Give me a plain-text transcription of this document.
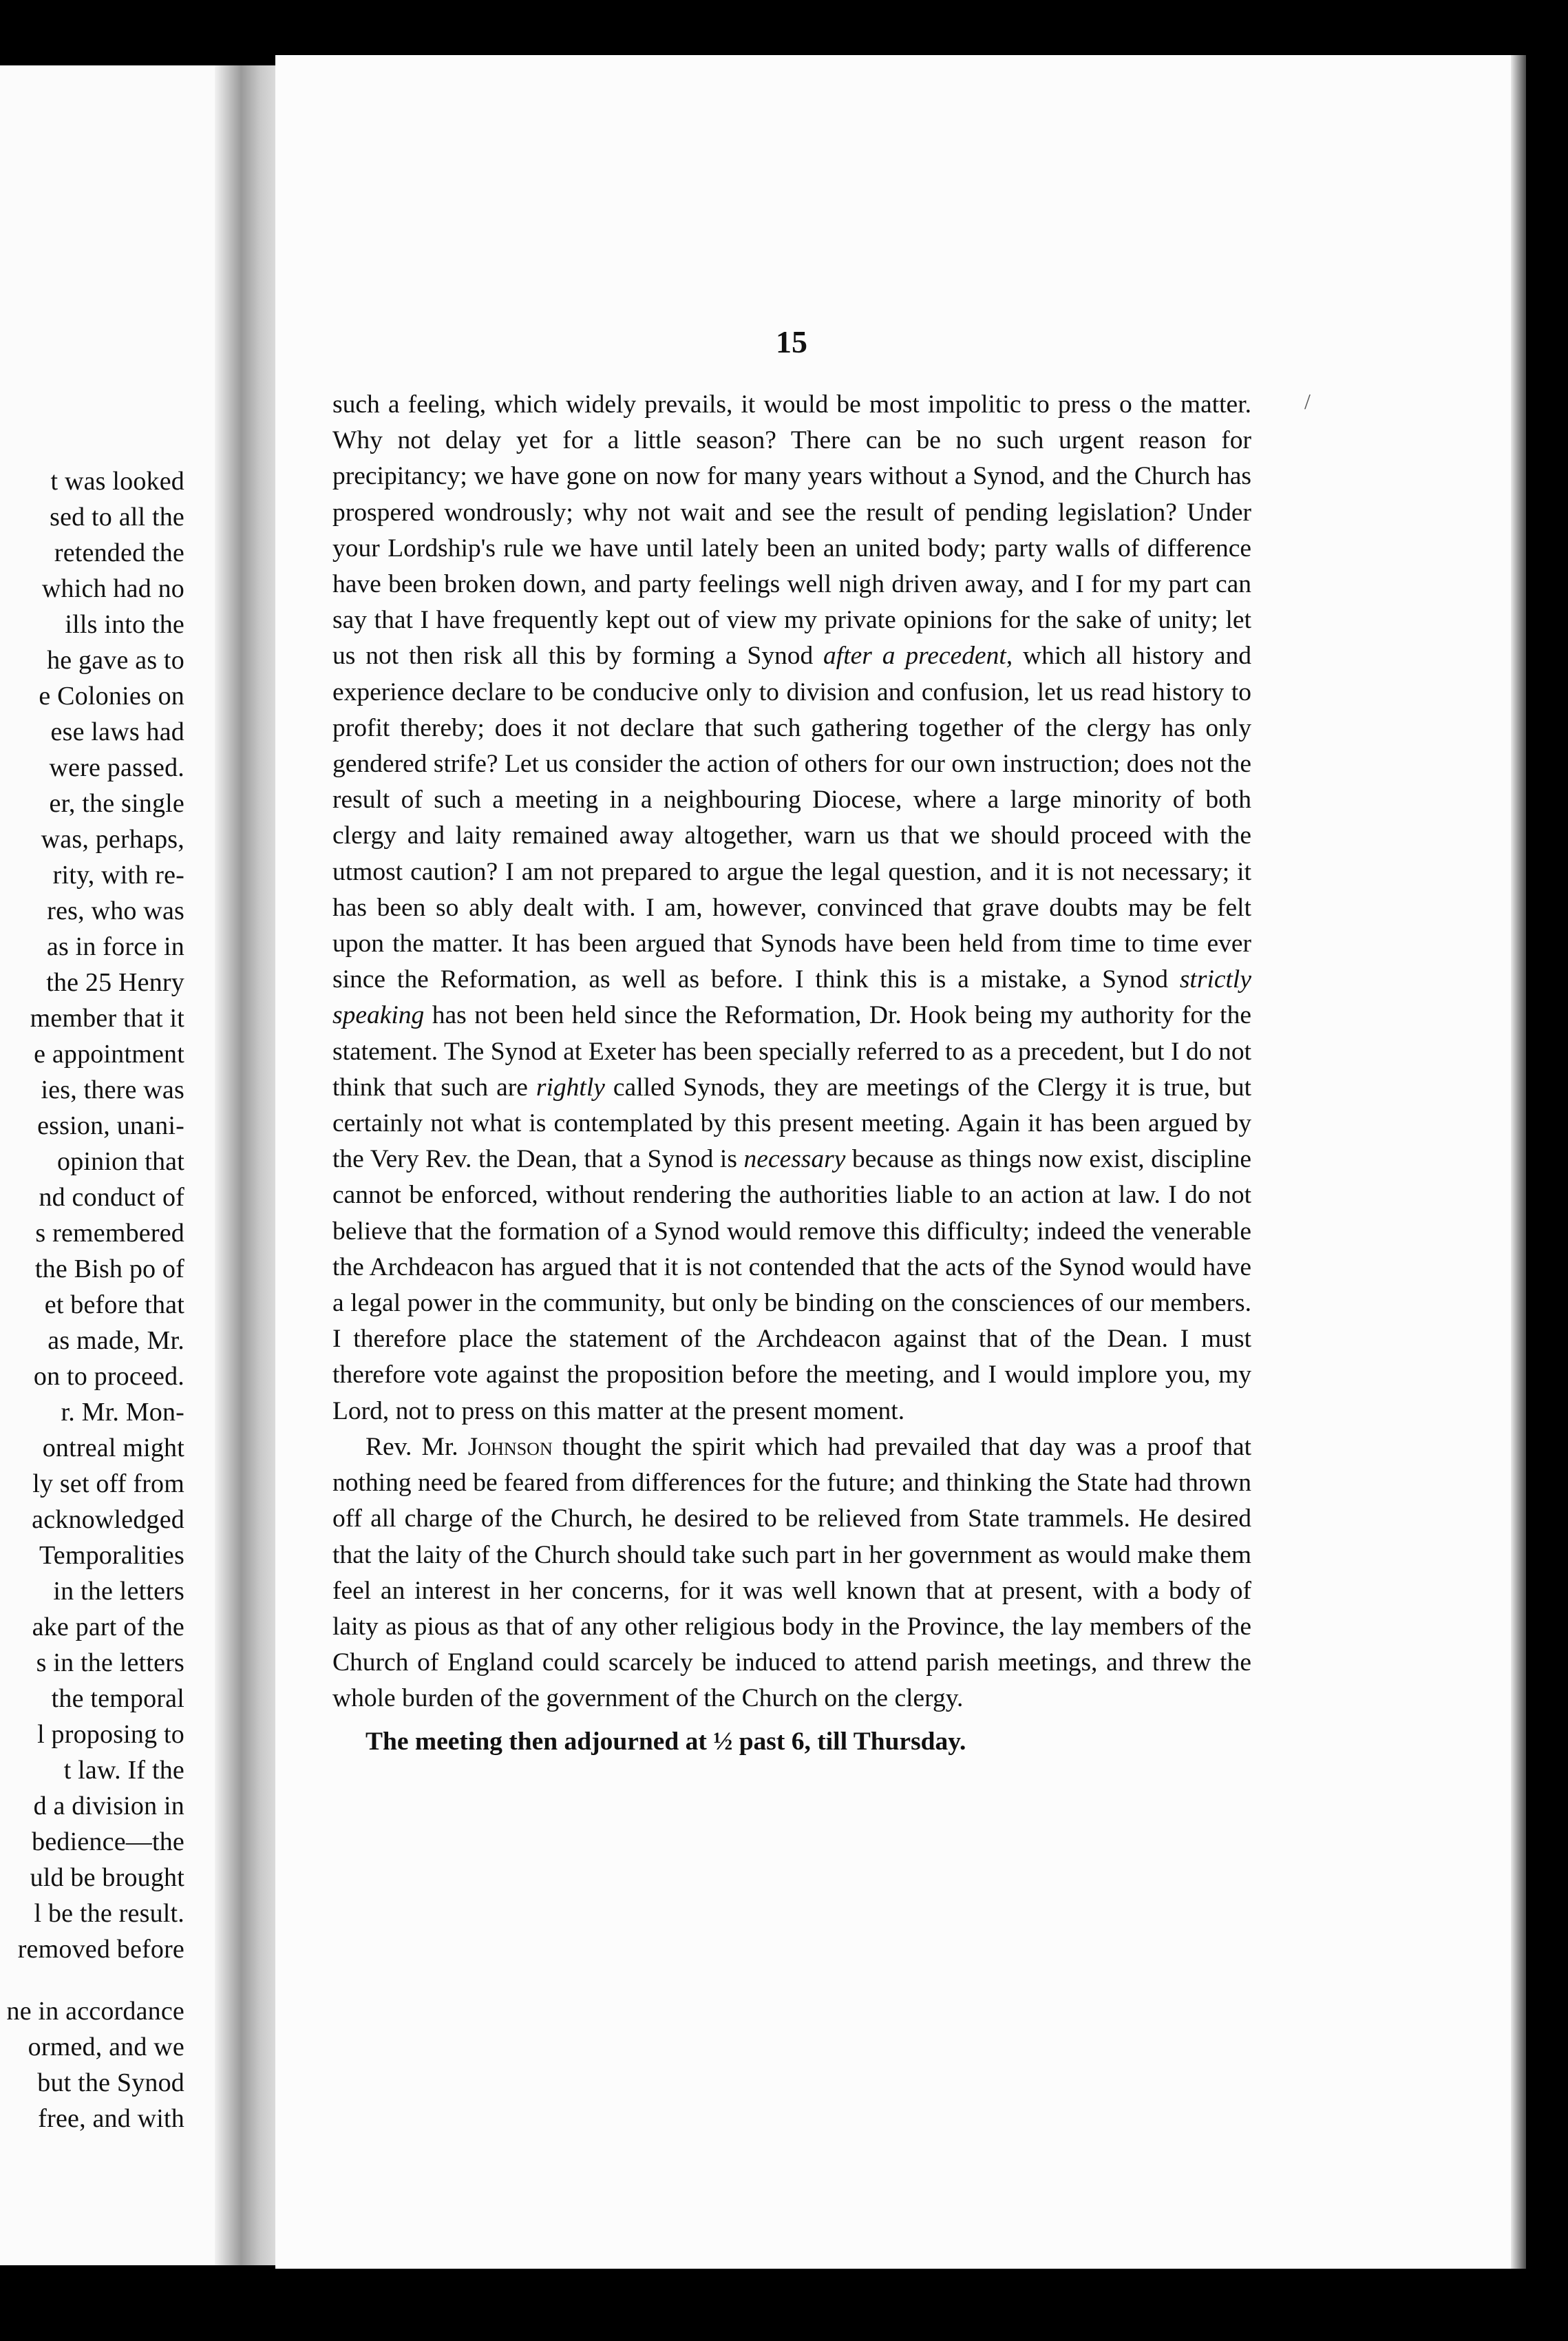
t was looked
sed to all the
retended the
which had no
ills into the
he gave as to
e Colonies on
ese laws had
were passed.
er, the single
was, perhaps,
rity, with re-
res, who was
as in force in
the 25 Henry
member that it
e appointment
ies, there was
ession, unani-
opinion that
nd conduct of
s remembered
the Bish po of
et before that
as made, Mr.
on to proceed.
r. Mr. Mon-
ontreal might
ly set off from
acknowledged
Temporalities
in the letters
ake part of the
s in the letters
the temporal
l proposing to
t law. If the
d a division in
bedience—the
uld be brought
l be the result.
removed before
ne in accordance
ormed, and we
but the Synod
free, and with
15

such a feeling, which widely prevails, it would be most impolitic to press o the matter. Why not delay yet for a little season? There can be no such urgent reason for precipitancy; we have gone on now for many years without a Synod, and the Church has prospered wondrously; why not wait and see the result of pending legislation? Under your Lordship's rule we have until lately been an united body; party walls of difference have been broken down, and party feelings well nigh driven away, and I for my part can say that I have frequently kept out of view my private opinions for the sake of unity; let us not then risk all this by forming a Synod after a precedent, which all history and experience declare to be conducive only to division and confusion, let us read history to profit thereby; does it not declare that such gathering together of the clergy has only gendered strife? Let us consider the action of others for our own instruction; does not the result of such a meeting in a neighbouring Diocese, where a large minority of both clergy and laity remained away altogether, warn us that we should proceed with the utmost caution? I am not prepared to argue the legal question, and it is not necessary; it has been so ably dealt with. I am, however, convinced that grave doubts may be felt upon the matter. It has been argued that Synods have been held from time to time ever since the Reformation, as well as before. I think this is a mistake, a Synod strictly speaking has not been held since the Reformation, Dr. Hook being my authority for the statement. The Synod at Exeter has been specially referred to as a precedent, but I do not think that such are rightly called Synods, they are meetings of the Clergy it is true, but certainly not what is contemplated by this present meeting. Again it has been argued by the Very Rev. the Dean, that a Synod is necessary because as things now exist, discipline cannot be enforced, without rendering the authorities liable to an action at law. I do not believe that the formation of a Synod would remove this difficulty; indeed the venerable the Archdeacon has argued that it is not contended that the acts of the Synod would have a legal power in the community, but only be binding on the consciences of our members. I therefore place the statement of the Archdeacon against that of the Dean. I must therefore vote against the proposition before the meeting, and I would implore you, my Lord, not to press on this matter at the present moment.

Rev. Mr. Johnson thought the spirit which had prevailed that day was a proof that nothing need be feared from differences for the future; and thinking the State had thrown off all charge of the Church, he desired to be relieved from State trammels. He desired that the laity of the Church should take such part in her government as would make them feel an interest in her concerns, for it was well known that at present, with a body of laity as pious as that of any other religious body in the Province, the lay members of the Church of England could scarcely be induced to attend parish meetings, and threw the whole burden of the government of the Church on the clergy.

The meeting then adjourned at ½ past 6, till Thursday.

/
